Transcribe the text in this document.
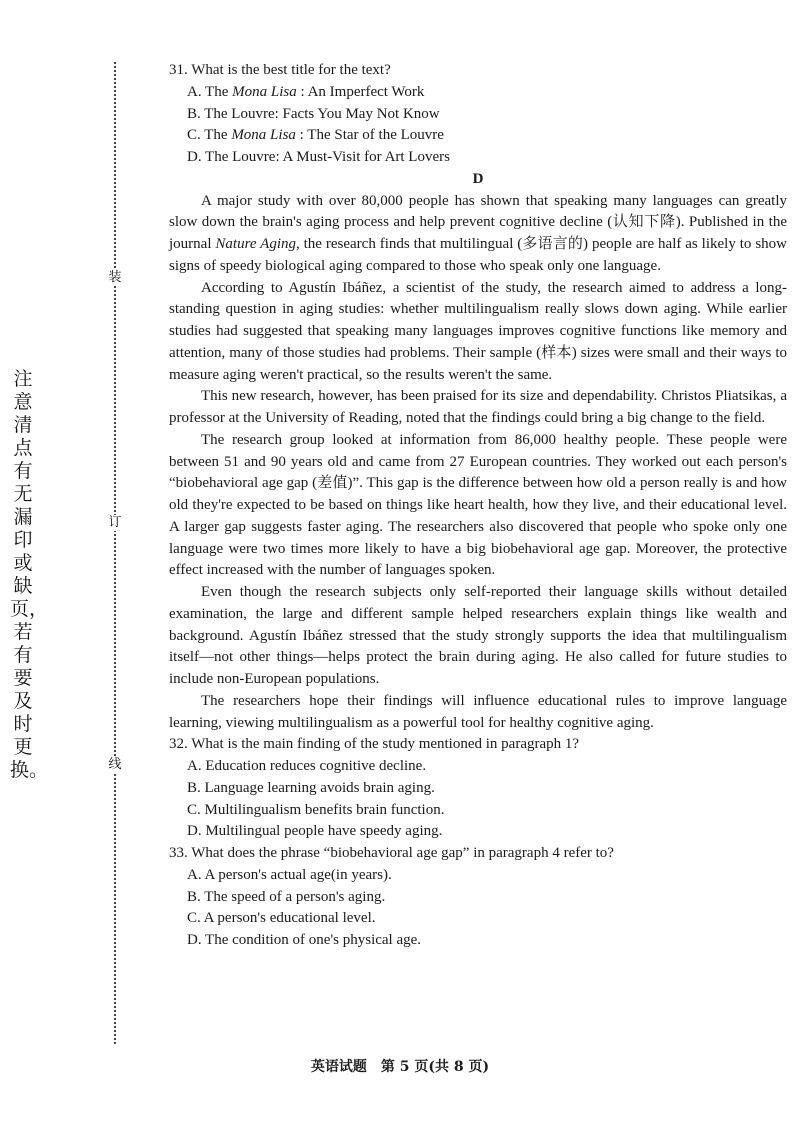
注意清点有无漏印或缺页，若有要及时更换。
装
订
线

31. What is the best title for the text?

A. The Mona Lisa : An Imperfect Work

B. The Louvre: Facts You May Not Know

C. The Mona Lisa : The Star of the Louvre

D. The Louvre: A Must-Visit for Art Lovers

D

A major study with over 80,000 people has shown that speaking many languages can greatly slow down the brain's aging process and help prevent cognitive decline (认知下降). Published in the journal Nature Aging, the research finds that multilingual (多语言的) people are half as likely to show signs of speedy biological aging compared to those who speak only one language.

According to Agustín Ibáñez, a scientist of the study, the research aimed to address a long-standing question in aging studies: whether multilingualism really slows down aging. While earlier studies had suggested that speaking many languages improves cognitive functions like memory and attention, many of those studies had problems. Their sample (样本) sizes were small and their ways to measure aging weren't practical, so the results weren't the same.

This new research, however, has been praised for its size and dependability. Christos Pliatsikas, a professor at the University of Reading, noted that the findings could bring a big change to the field.

The research group looked at information from 86,000 healthy people. These people were between 51 and 90 years old and came from 27 European countries. They worked out each person's “biobehavioral age gap (差值)”. This gap is the difference between how old a person really is and how old they're expected to be based on things like heart health, how they live, and their educational level. A larger gap suggests faster aging. The researchers also discovered that people who spoke only one language were two times more likely to have a big biobehavioral age gap. Moreover, the protective effect increased with the number of languages spoken.

Even though the research subjects only self-reported their language skills without detailed examination, the large and different sample helped researchers explain things like wealth and background. Agustín Ibáñez stressed that the study strongly supports the idea that multilingualism itself—not other things—helps protect the brain during aging. He also called for future studies to include non-European populations.

The researchers hope their findings will influence educational rules to improve language learning, viewing multilingualism as a powerful tool for healthy cognitive aging.

32. What is the main finding of the study mentioned in paragraph 1?

A. Education reduces cognitive decline.

B. Language learning avoids brain aging.

C. Multilingualism benefits brain function.

D. Multilingual people have speedy aging.

33. What does the phrase “biobehavioral age gap” in paragraph 4 refer to?

A. A person's actual age(in years).

B. The speed of a person's aging.

C. A person's educational level.

D. The condition of one's physical age.

英语试题　第 5 页(共 8 页)
